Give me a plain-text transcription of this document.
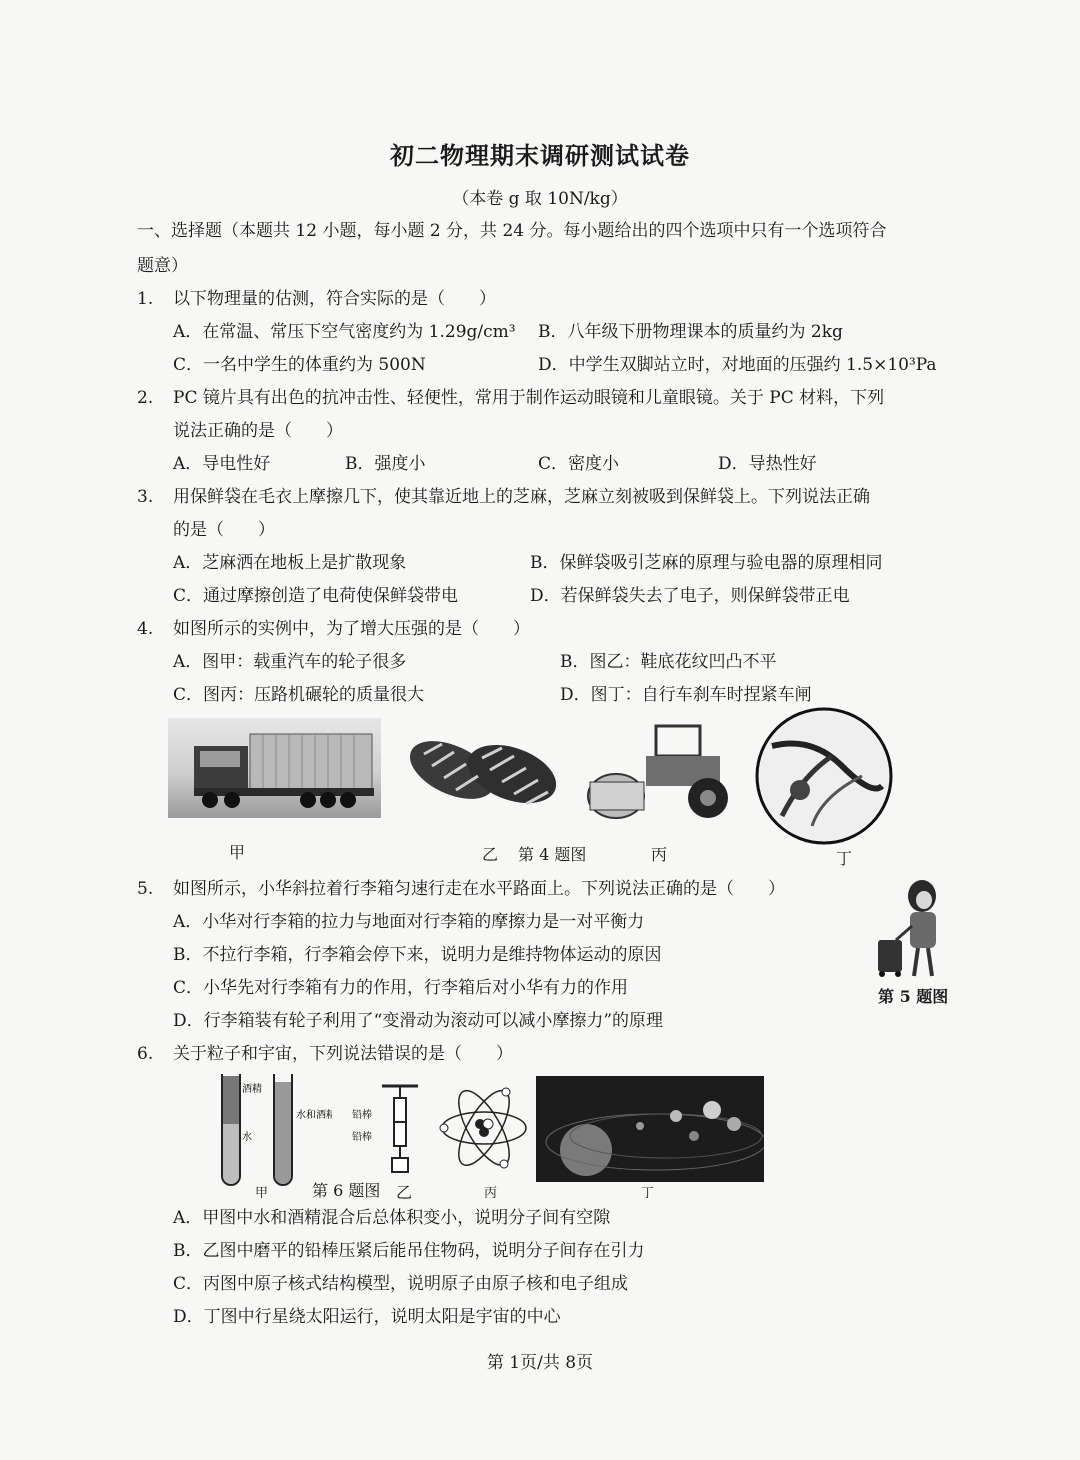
初二物理期末调研测试试卷
（本卷 g 取 10N/kg）
一、选择题（本题共 12 小题，每小题 2 分，共 24 分。每小题给出的四个选项中只有一个选项符合
题意）
1. 以下物理量的估测，符合实际的是（　　）
A．在常温、常压下空气密度约为 1.29g/cm³ B．八年级下册物理课本的质量约为 2kg
C．一名中学生的体重约为 500N	D．中学生双脚站立时，对地面的压强约 1.5×10³Pa
2. PC 镜片具有出色的抗冲击性、轻便性，常用于制作运动眼镜和儿童眼镜。关于 PC 材料，下列
说法正确的是（　　）
A．导电性好	B．强度小	C．密度小	D．导热性好
3. 用保鲜袋在毛衣上摩擦几下，使其靠近地上的芝麻，芝麻立刻被吸到保鲜袋上。下列说法正确
的是（　　）
A．芝麻洒在地板上是扩散现象	B．保鲜袋吸引芝麻的原理与验电器的原理相同
C．通过摩擦创造了电荷使保鲜袋带电	D．若保鲜袋失去了电子，则保鲜袋带正电
4. 如图所示的实例中，为了增大压强的是（　　）
A．图甲：载重汽车的轮子很多	B．图乙：鞋底花纹凹凸不平
C．图丙：压路机碾轮的质量很大	D．图丁：自行车刹车时捏紧车闸
甲	乙 第 4 题图	丙	丁
5. 如图所示，小华斜拉着行李箱匀速行走在水平路面上。下列说法正确的是（　　）
A．小华对行李箱的拉力与地面对行李箱的摩擦力是一对平衡力
B．不拉行李箱，行李箱会停下来，说明力是维持物体运动的原因
C．小华先对行李箱有力的作用，行李箱后对小华有力的作用
D．行李箱装有轮子利用了“变滑动为滚动可以减小摩擦力”的原理
第 5 题图
6. 关于粒子和宇宙，下列说法错误的是（　　）
酒精
水
水和酒精	铅棒
铅棒
甲	第 6 题图 乙	丙	丁
A．甲图中水和酒精混合后总体积变小，说明分子间有空隙
B．乙图中磨平的铅棒压紧后能吊住物码，说明分子间存在引力
C．丙图中原子核式结构模型，说明原子由原子核和电子组成
D．丁图中行星绕太阳运行，说明太阳是宇宙的中心
第 1页/共 8页
